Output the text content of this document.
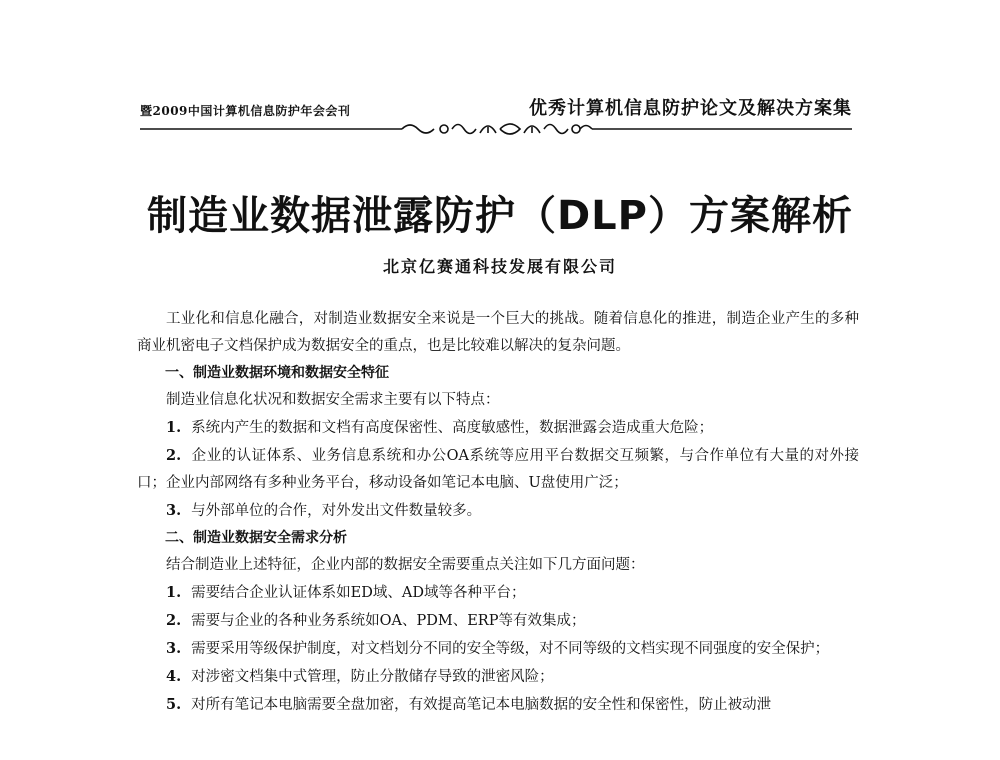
暨2009中国计算机信息防护年会会刊	优秀计算机信息防护论文及解决方案集
制造业数据泄露防护（DLP）方案解析
北京亿赛通科技发展有限公司

工业化和信息化融合，对制造业数据安全来说是一个巨大的挑战。随着信息化的推进，制造企业产生的多种商业机密电子文档保护成为数据安全的重点，也是比较难以解决的复杂问题。

一、制造业数据环境和数据安全特征

制造业信息化状况和数据安全需求主要有以下特点：

1. 系统内产生的数据和文档有高度保密性、高度敏感性，数据泄露会造成重大危险；

2. 企业的认证体系、业务信息系统和办公OA系统等应用平台数据交互频繁，与合作单位有大量的对外接口；企业内部网络有多种业务平台，移动设备如笔记本电脑、U盘使用广泛；

3. 与外部单位的合作，对外发出文件数量较多。

二、制造业数据安全需求分析

结合制造业上述特征，企业内部的数据安全需要重点关注如下几方面问题：

1. 需要结合企业认证体系如ED域、AD域等各种平台；

2. 需要与企业的各种业务系统如OA、PDM、ERP等有效集成；

3. 需要采用等级保护制度，对文档划分不同的安全等级，对不同等级的文档实现不同强度的安全保护；

4. 对涉密文档集中式管理，防止分散储存导致的泄密风险；

5. 对所有笔记本电脑需要全盘加密，有效提高笔记本电脑数据的安全性和保密性，防止被动泄
